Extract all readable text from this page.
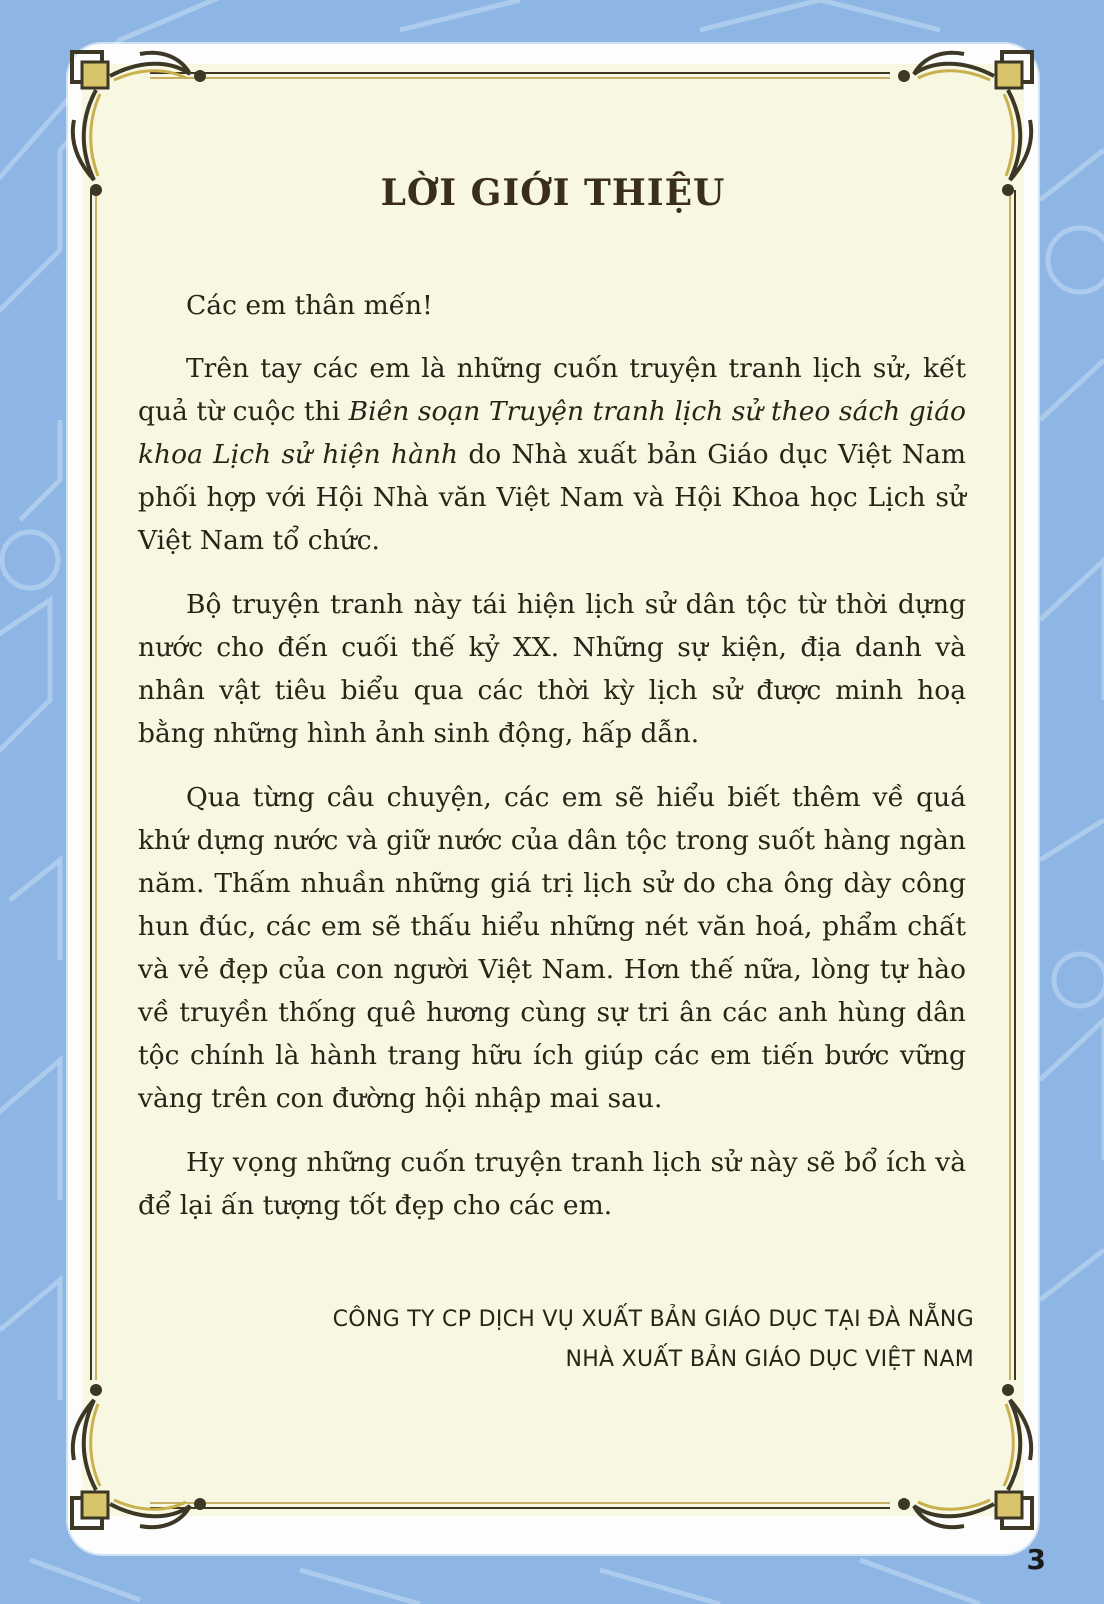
LỜI GIỚI THIỆU

Các em thân mến!

Trên tay các em là những cuốn truyện tranh lịch sử, kết quả từ cuộc thi Biên soạn Truyện tranh lịch sử theo sách giáo khoa Lịch sử hiện hành do Nhà xuất bản Giáo dục Việt Nam phối hợp với Hội Nhà văn Việt Nam và Hội Khoa học Lịch sử Việt Nam tổ chức.

Bộ truyện tranh này tái hiện lịch sử dân tộc từ thời dựng nước cho đến cuối thế kỷ XX. Những sự kiện, địa danh và nhân vật tiêu biểu qua các thời kỳ lịch sử được minh hoạ bằng những hình ảnh sinh động, hấp dẫn.

Qua từng câu chuyện, các em sẽ hiểu biết thêm về quá khứ dựng nước và giữ nước của dân tộc trong suốt hàng ngàn năm. Thấm nhuần những giá trị lịch sử do cha ông dày công hun đúc, các em sẽ thấu hiểu những nét văn hoá, phẩm chất và vẻ đẹp của con người Việt Nam. Hơn thế nữa, lòng tự hào về truyền thống quê hương cùng sự tri ân các anh hùng dân tộc chính là hành trang hữu ích giúp các em tiến bước vững vàng trên con đường hội nhập mai sau.

Hy vọng những cuốn truyện tranh lịch sử này sẽ bổ ích và để lại ấn tượng tốt đẹp cho các em.

CÔNG TY CP DỊCH VỤ XUẤT BẢN GIÁO DỤC TẠI ĐÀ NẴNG
NHÀ XUẤT BẢN GIÁO DỤC VIỆT NAM
3
